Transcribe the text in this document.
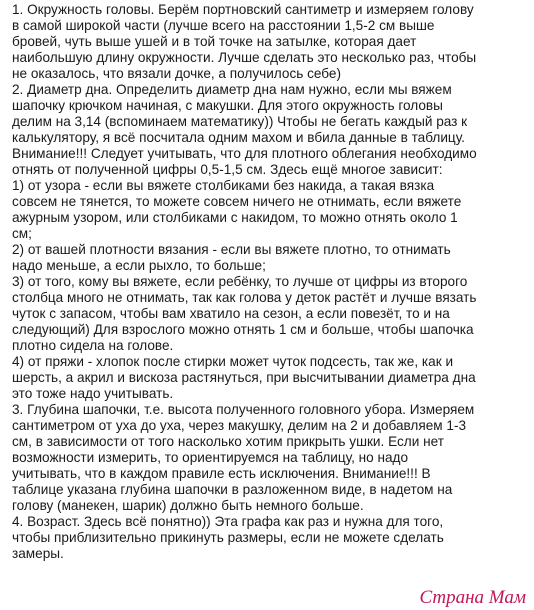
1. Окружность головы. Берём портновский сантиметр и измеряем голову
в самой широкой части (лучше всего на расстоянии 1,5-2 см выше
бровей, чуть выше ушей и в той точке на затылке, которая дает
наибольшую длину окружности. Лучше сделать это несколько раз, чтобы
не оказалось, что вязали дочке, а получилось себе)
2. Диаметр дна. Определить диаметр дна нам нужно, если мы вяжем
шапочку крючком начиная, с макушки. Для этого окружность головы
делим на 3,14 (вспоминаем математику)) Чтобы не бегать каждый раз к
калькулятору, я всё посчитала одним махом и вбила данные в таблицу.
Внимание!!! Следует учитывать, что для плотного облегания необходимо
отнять от полученной цифры 0,5-1,5 см. Здесь ещё многое зависит:
1) от узора - если вы вяжете столбиками без накида, а такая вязка
совсем не тянется, то можете совсем ничего не отнимать, если вяжете
ажурным узором, или столбиками с накидом, то можно отнять около 1
см;
2) от вашей плотности вязания - если вы вяжете плотно, то отнимать
надо меньше, а если рыхло, то больше;
3) от того, кому вы вяжете, если ребёнку, то лучше от цифры из второго
столбца много не отнимать, так как голова у деток растёт и лучше вязать
чуток с запасом, чтобы вам хватило на сезон, а если повезёт, то и на
следующий) Для взрослого можно отнять 1 см и больше, чтобы шапочка
плотно сидела на голове.
4) от пряжи - хлопок после стирки может чуток подсесть, так же, как и
шерсть, а акрил и вискоза растянуться, при высчитывании диаметра дна
это тоже надо учитывать.
3. Глубина шапочки, т.е. высота полученного головного убора. Измеряем
сантиметром от уха до уха, через макушку, делим на 2 и добавляем 1-3
см, в зависимости от того насколько хотим прикрыть ушки. Если нет
возможности измерить, то ориентируемся на таблицу, но надо
учитывать, что в каждом правиле есть исключения. Внимание!!! В
таблице указана глубина шапочки в разложенном виде, в надетом на
голову (манекен, шарик) должно быть немного больше.
4. Возраст. Здесь всё понятно)) Эта графа как раз и нужна для того,
чтобы приблизительно прикинуть размеры, если не можете сделать
замеры.
Страна Мам
